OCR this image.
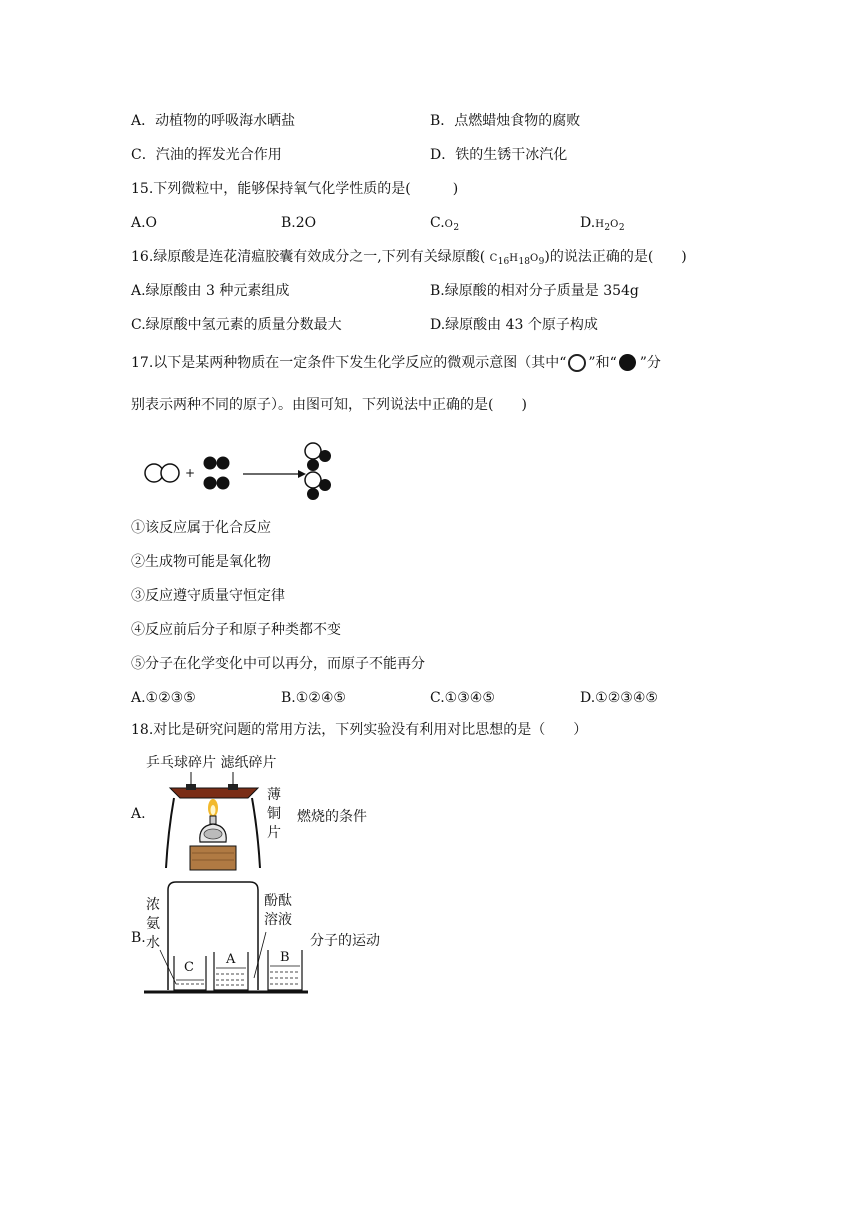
A．动植物的呼吸海水晒盐	B．点燃蜡烛食物的腐败
C．汽油的挥发光合作用	D．铁的生锈干冰汽化
15.下列微粒中，能够保持氧气化学性质的是(　　　)
A.O	B.2O	$C.O_2$	$D.H_2O_2$
16.绿原酸是连花清瘟胶囊有效成分之一,下列有关绿原酸( $C_{16}H_{18}O_9$)的说法正确的是(　　)
A.绿原酸由 3 种元素组成	B.绿原酸的相对分子质量是 354g
C.绿原酸中氢元素的质量分数最大	D.绿原酸由 43 个原子构成
17.以下是某两种物质在一定条件下发生化学反应的微观示意图（其中“ ”和“ ”分
别表示两种不同的原子）。由图可知，下列说法中正确的是(　　)
+
①该反应属于化合反应
②生成物可能是氧化物
③反应遵守质量守恒定律
④反应前后分子和原子种类都不变
⑤分子在化学变化中可以再分，而原子不能再分
A.①②③⑤	B.①②④⑤	C.①③④⑤	D.①②③④⑤
18.对比是研究问题的常用方法，下列实验没有利用对比思想的是（　　）
A.
乒乓球碎片 滤纸碎片
薄
铜
片
燃烧的条件
B.
浓
氨
水
酚酞
溶液
C
A	B
分子的运动
